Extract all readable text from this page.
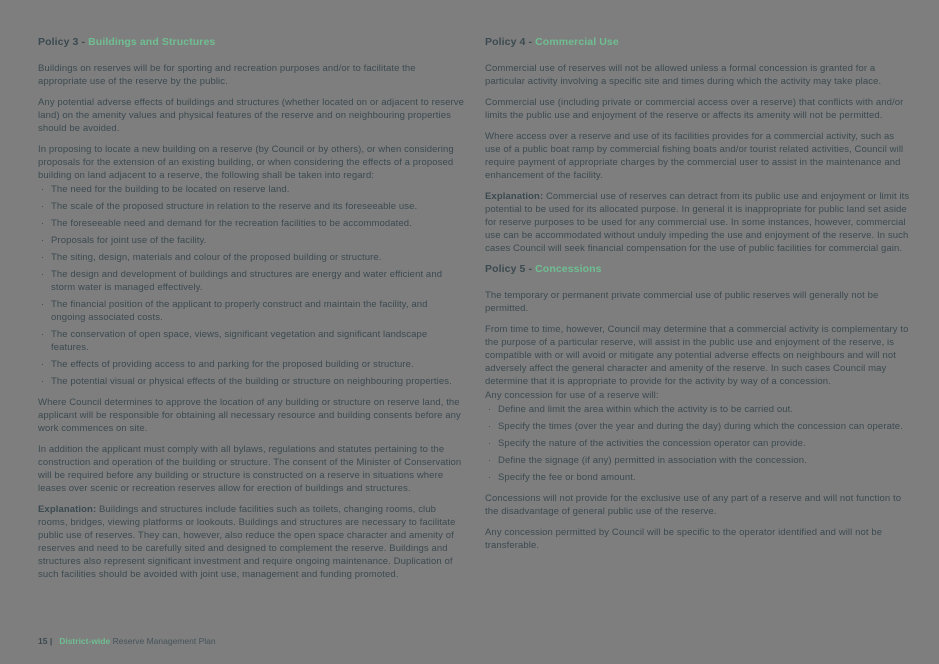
Policy 3 - Buildings and Structures
Buildings on reserves will be for sporting and recreation purposes and/or to facilitate the appropriate use of the reserve by the public.
Any potential adverse effects of buildings and structures (whether located on or adjacent to reserve land) on the amenity values and physical features of the reserve and on neighbouring properties should be avoided.
In proposing to locate a new building on a reserve (by Council or by others), or when considering proposals for the extension of an existing building, or when considering the effects of a proposed building on land adjacent to a reserve, the following shall be taken into regard:
· The need for the building to be located on reserve land.
· The scale of the proposed structure in relation to the reserve and its foreseeable use.
· The foreseeable need and demand for the recreation facilities to be accommodated.
· Proposals for joint use of the facility.
· The siting, design, materials and colour of the proposed building or structure.
· The design and development of buildings and structures are energy and water efficient and storm water is managed effectively.
· The financial position of the applicant to properly construct and maintain the facility, and ongoing associated costs.
· The conservation of open space, views, significant vegetation and significant landscape features.
· The effects of providing access to and parking for the proposed building or structure.
· The potential visual or physical effects of the building or structure on neighbouring properties.
Where Council determines to approve the location of any building or structure on reserve land, the applicant will be responsible for obtaining all necessary resource and building consents before any work commences on site.
In addition the applicant must comply with all bylaws, regulations and statutes pertaining to the construction and operation of the building or structure. The consent of the Minister of Conservation will be required before any building or structure is constructed on a reserve in situations where leases over scenic or recreation reserves allow for erection of buildings and structures.
Explanation: Buildings and structures include facilities such as toilets, changing rooms, club rooms, bridges, viewing platforms or lookouts. Buildings and structures are necessary to facilitate public use of reserves. They can, however, also reduce the open space character and amenity of reserves and need to be carefully sited and designed to complement the reserve. Buildings and structures also represent significant investment and require ongoing maintenance. Duplication of such facilities should be avoided with joint use, management and funding promoted.
Policy 4 - Commercial Use
Commercial use of reserves will not be allowed unless a formal concession is granted for a particular activity involving a specific site and times during which the activity may take place.
Commercial use (including private or commercial access over a reserve) that conflicts with and/or limits the public use and enjoyment of the reserve or affects its amenity will not be permitted.
Where access over a reserve and use of its facilities provides for a commercial activity, such as use of a public boat ramp by commercial fishing boats and/or tourist related activities, Council will require payment of appropriate charges by the commercial user to assist in the maintenance and enhancement of the facility.
Explanation: Commercial use of reserves can detract from its public use and enjoyment or limit its potential to be used for its allocated purpose. In general it is inappropriate for public land set aside for reserve purposes to be used for any commercial use. In some instances, however, commercial use can be accommodated without unduly impeding the use and enjoyment of the reserve. In such cases Council will seek financial compensation for the use of public facilities for commercial gain.
Policy 5 - Concessions
The temporary or permanent private commercial use of public reserves will generally not be permitted.
From time to time, however, Council may determine that a commercial activity is complementary to the purpose of a particular reserve, will assist in the public use and enjoyment of the reserve, is compatible with or will avoid or mitigate any potential adverse effects on neighbours and will not adversely affect the general character and amenity of the reserve. In such cases Council may determine that it is appropriate to provide for the activity by way of a concession.
Any concession for use of a reserve will:
· Define and limit the area within which the activity is to be carried out.
· Specify the times (over the year and during the day) during which the concession can operate.
· Specify the nature of the activities the concession operator can provide.
· Define the signage (if any) permitted in association with the concession.
· Specify the fee or bond amount.
Concessions will not provide for the exclusive use of any part of a reserve and will not function to the disadvantage of general public use of the reserve.
Any concession permitted by Council will be specific to the operator identified and will not be transferable.
15 | District-wide Reserve Management Plan
